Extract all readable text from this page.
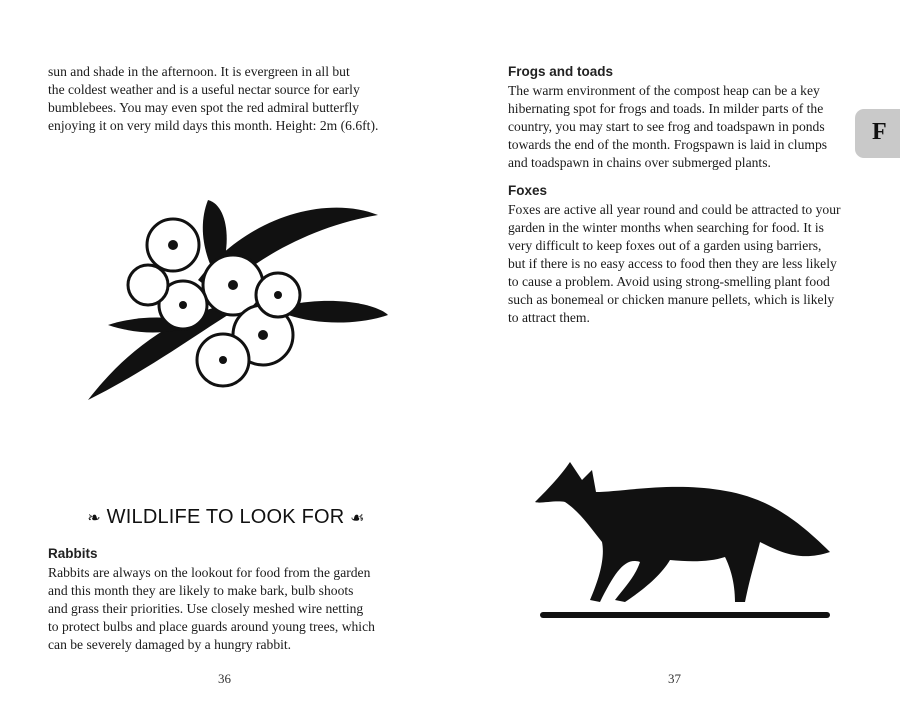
sun and shade in the afternoon. It is evergreen in all but
the coldest weather and is a useful nectar source for early
bumblebees. You may even spot the red admiral butterfly
enjoying it on very mild days this month. Height: 2m (6.6ft).
❧ WILDLIFE TO LOOK FOR ☙
Rabbits
Rabbits are always on the lookout for food from the garden
and this month they are likely to make bark, bulb shoots
and grass their priorities. Use closely meshed wire netting
to protect bulbs and place guards around young trees, which
can be severely damaged by a hungry rabbit.
36
Frogs and toads
The warm environment of the compost heap can be a key
hibernating spot for frogs and toads. In milder parts of the
country, you may start to see frog and toadspawn in ponds
towards the end of the month. Frogspawn is laid in clumps
and toadspawn in chains over submerged plants.
Foxes
Foxes are active all year round and could be attracted to your
garden in the winter months when searching for food. It is
very difficult to keep foxes out of a garden using barriers,
but if there is no easy access to food then they are less likely
to cause a problem. Avoid using strong-smelling plant food
such as bonemeal or chicken manure pellets, which is likely
to attract them.
F
37
